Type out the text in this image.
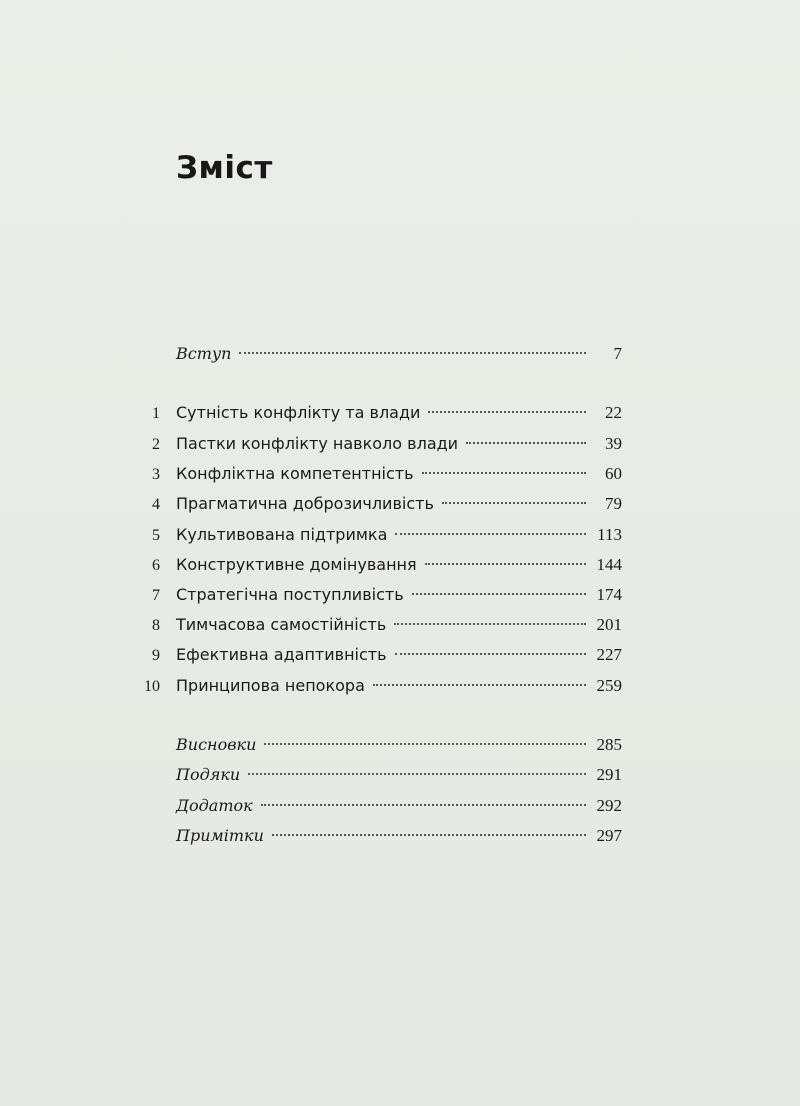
Зміст
Вступ	7
1	Сутність конфлікту та влади	22
2	Пастки конфлікту навколо влади	39
3	Конфліктна компетентність	60
4	Прагматична доброзичливість	79
5	Культивована підтримка	113
6	Конструктивне домінування	144
7	Стратегічна поступливість	174
8	Тимчасова самостійність	201
9	Ефективна адаптивність	227
10	Принципова непокора	259
Висновки	285
Подяки	291
Додаток	292
Примітки	297
